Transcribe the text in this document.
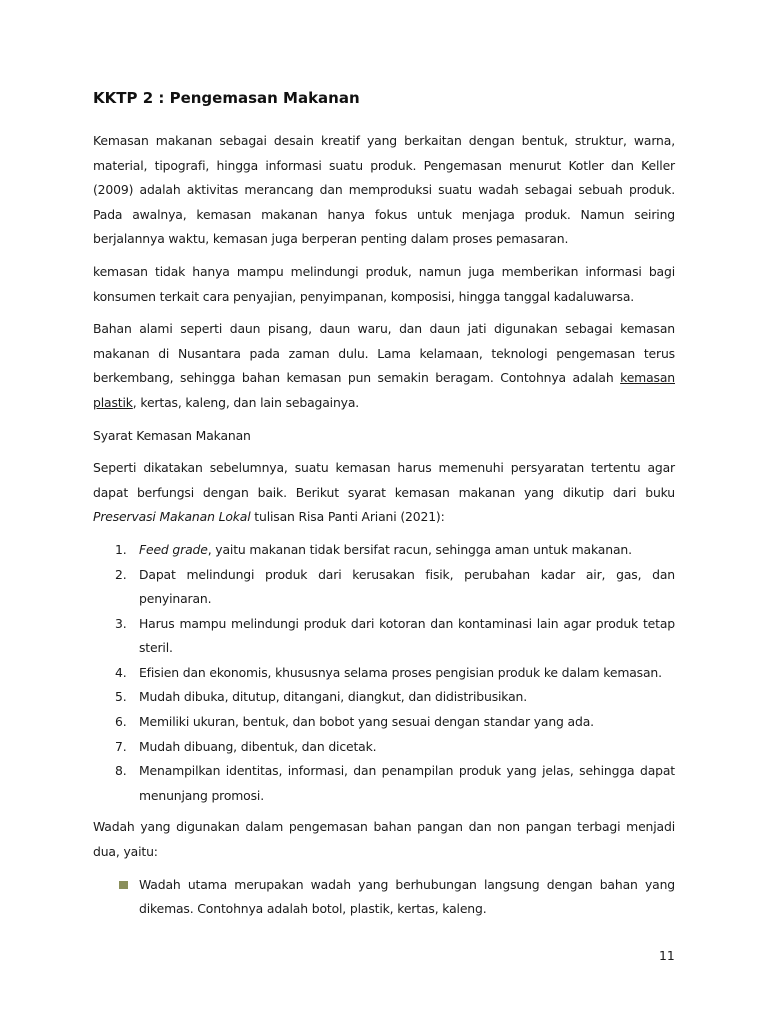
KKTP 2 : Pengemasan Makanan

Kemasan makanan sebagai desain kreatif yang berkaitan dengan bentuk, struktur, warna, material, tipografi, hingga informasi suatu produk. Pengemasan menurut Kotler dan Keller (2009) adalah aktivitas merancang dan memproduksi suatu wadah sebagai sebuah produk. Pada awalnya, kemasan makanan hanya fokus untuk menjaga produk. Namun seiring berjalannya waktu, kemasan juga berperan penting dalam proses pemasaran.

kemasan tidak hanya mampu melindungi produk, namun juga memberikan informasi bagi konsumen terkait cara penyajian, penyimpanan, komposisi, hingga tanggal kadaluwarsa.

Bahan alami seperti daun pisang, daun waru, dan daun jati digunakan sebagai kemasan makanan di Nusantara pada zaman dulu. Lama kelamaan, teknologi pengemasan terus berkembang, sehingga bahan kemasan pun semakin beragam. Contohnya adalah kemasan plastik, kertas, kaleng, dan lain sebagainya.

Syarat Kemasan Makanan

Seperti dikatakan sebelumnya, suatu kemasan harus memenuhi persyaratan tertentu agar dapat berfungsi dengan baik. Berikut syarat kemasan makanan yang dikutip dari buku Preservasi Makanan Lokal tulisan Risa Panti Ariani (2021):

1. Feed grade, yaitu makanan tidak bersifat racun, sehingga aman untuk makanan.
2. Dapat melindungi produk dari kerusakan fisik, perubahan kadar air, gas, dan penyinaran.
3. Harus mampu melindungi produk dari kotoran dan kontaminasi lain agar produk tetap steril.
4. Efisien dan ekonomis, khususnya selama proses pengisian produk ke dalam kemasan.
5. Mudah dibuka, ditutup, ditangani, diangkut, dan didistribusikan.
6. Memiliki ukuran, bentuk, dan bobot yang sesuai dengan standar yang ada.
7. Mudah dibuang, dibentuk, dan dicetak.
8. Menampilkan identitas, informasi, dan penampilan produk yang jelas, sehingga dapat menunjang promosi.

Wadah yang digunakan dalam pengemasan bahan pangan dan non pangan terbagi menjadi dua, yaitu:

Wadah utama merupakan wadah yang berhubungan langsung dengan bahan yang dikemas. Contohnya adalah botol, plastik, kertas, kaleng.
11
